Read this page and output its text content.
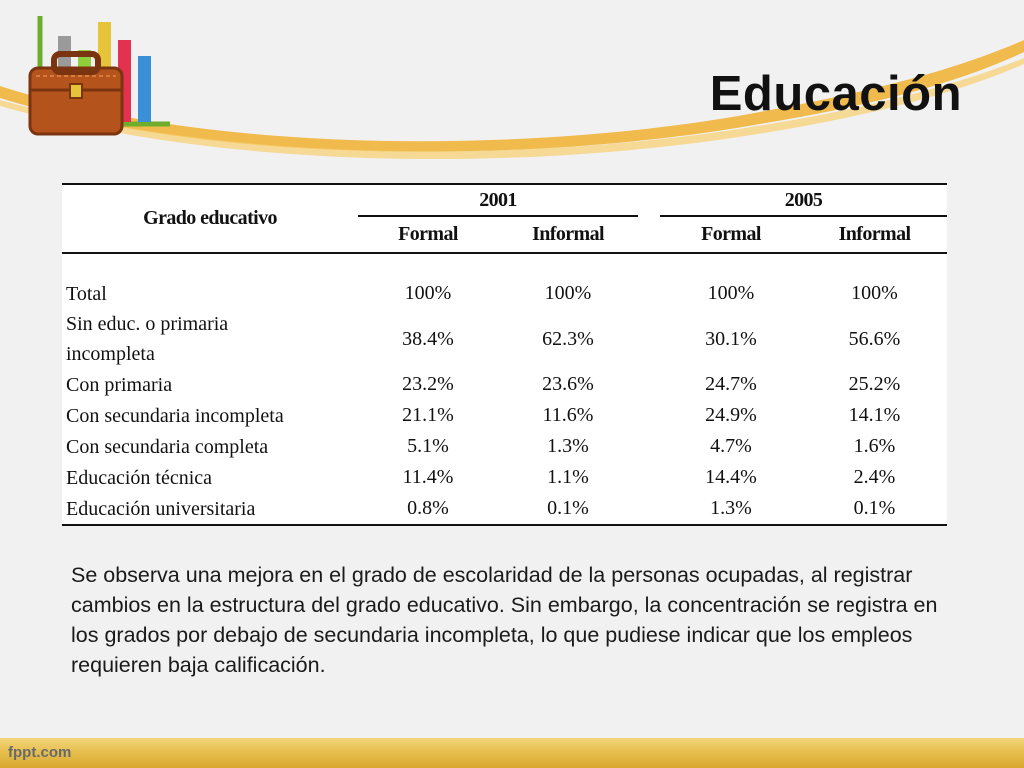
Educación
Grado educativo	2001			2005	
	Formal	Informal		Formal	Informal

Total	100%	100%		100%	100%
Sin educ. o primaria incompleta	38.4%	62.3%		30.1%	56.6%
Con primaria	23.2%	23.6%		24.7%	25.2%
Con secundaria incompleta	21.1%	11.6%		24.9%	14.1%
Con secundaria completa	5.1%	1.3%		4.7%	1.6%
Educación técnica	11.4%	1.1%		14.4%	2.4%
Educación universitaria	0.8%	0.1%		1.3%	0.1%
Se observa una mejora en el grado de escolaridad de la personas ocupadas, al registrar cambios en la estructura del grado educativo. Sin embargo, la concentración se registra en los grados por debajo de secundaria incompleta, lo que pudiese indicar que los empleos requieren baja calificación.
fppt.com
